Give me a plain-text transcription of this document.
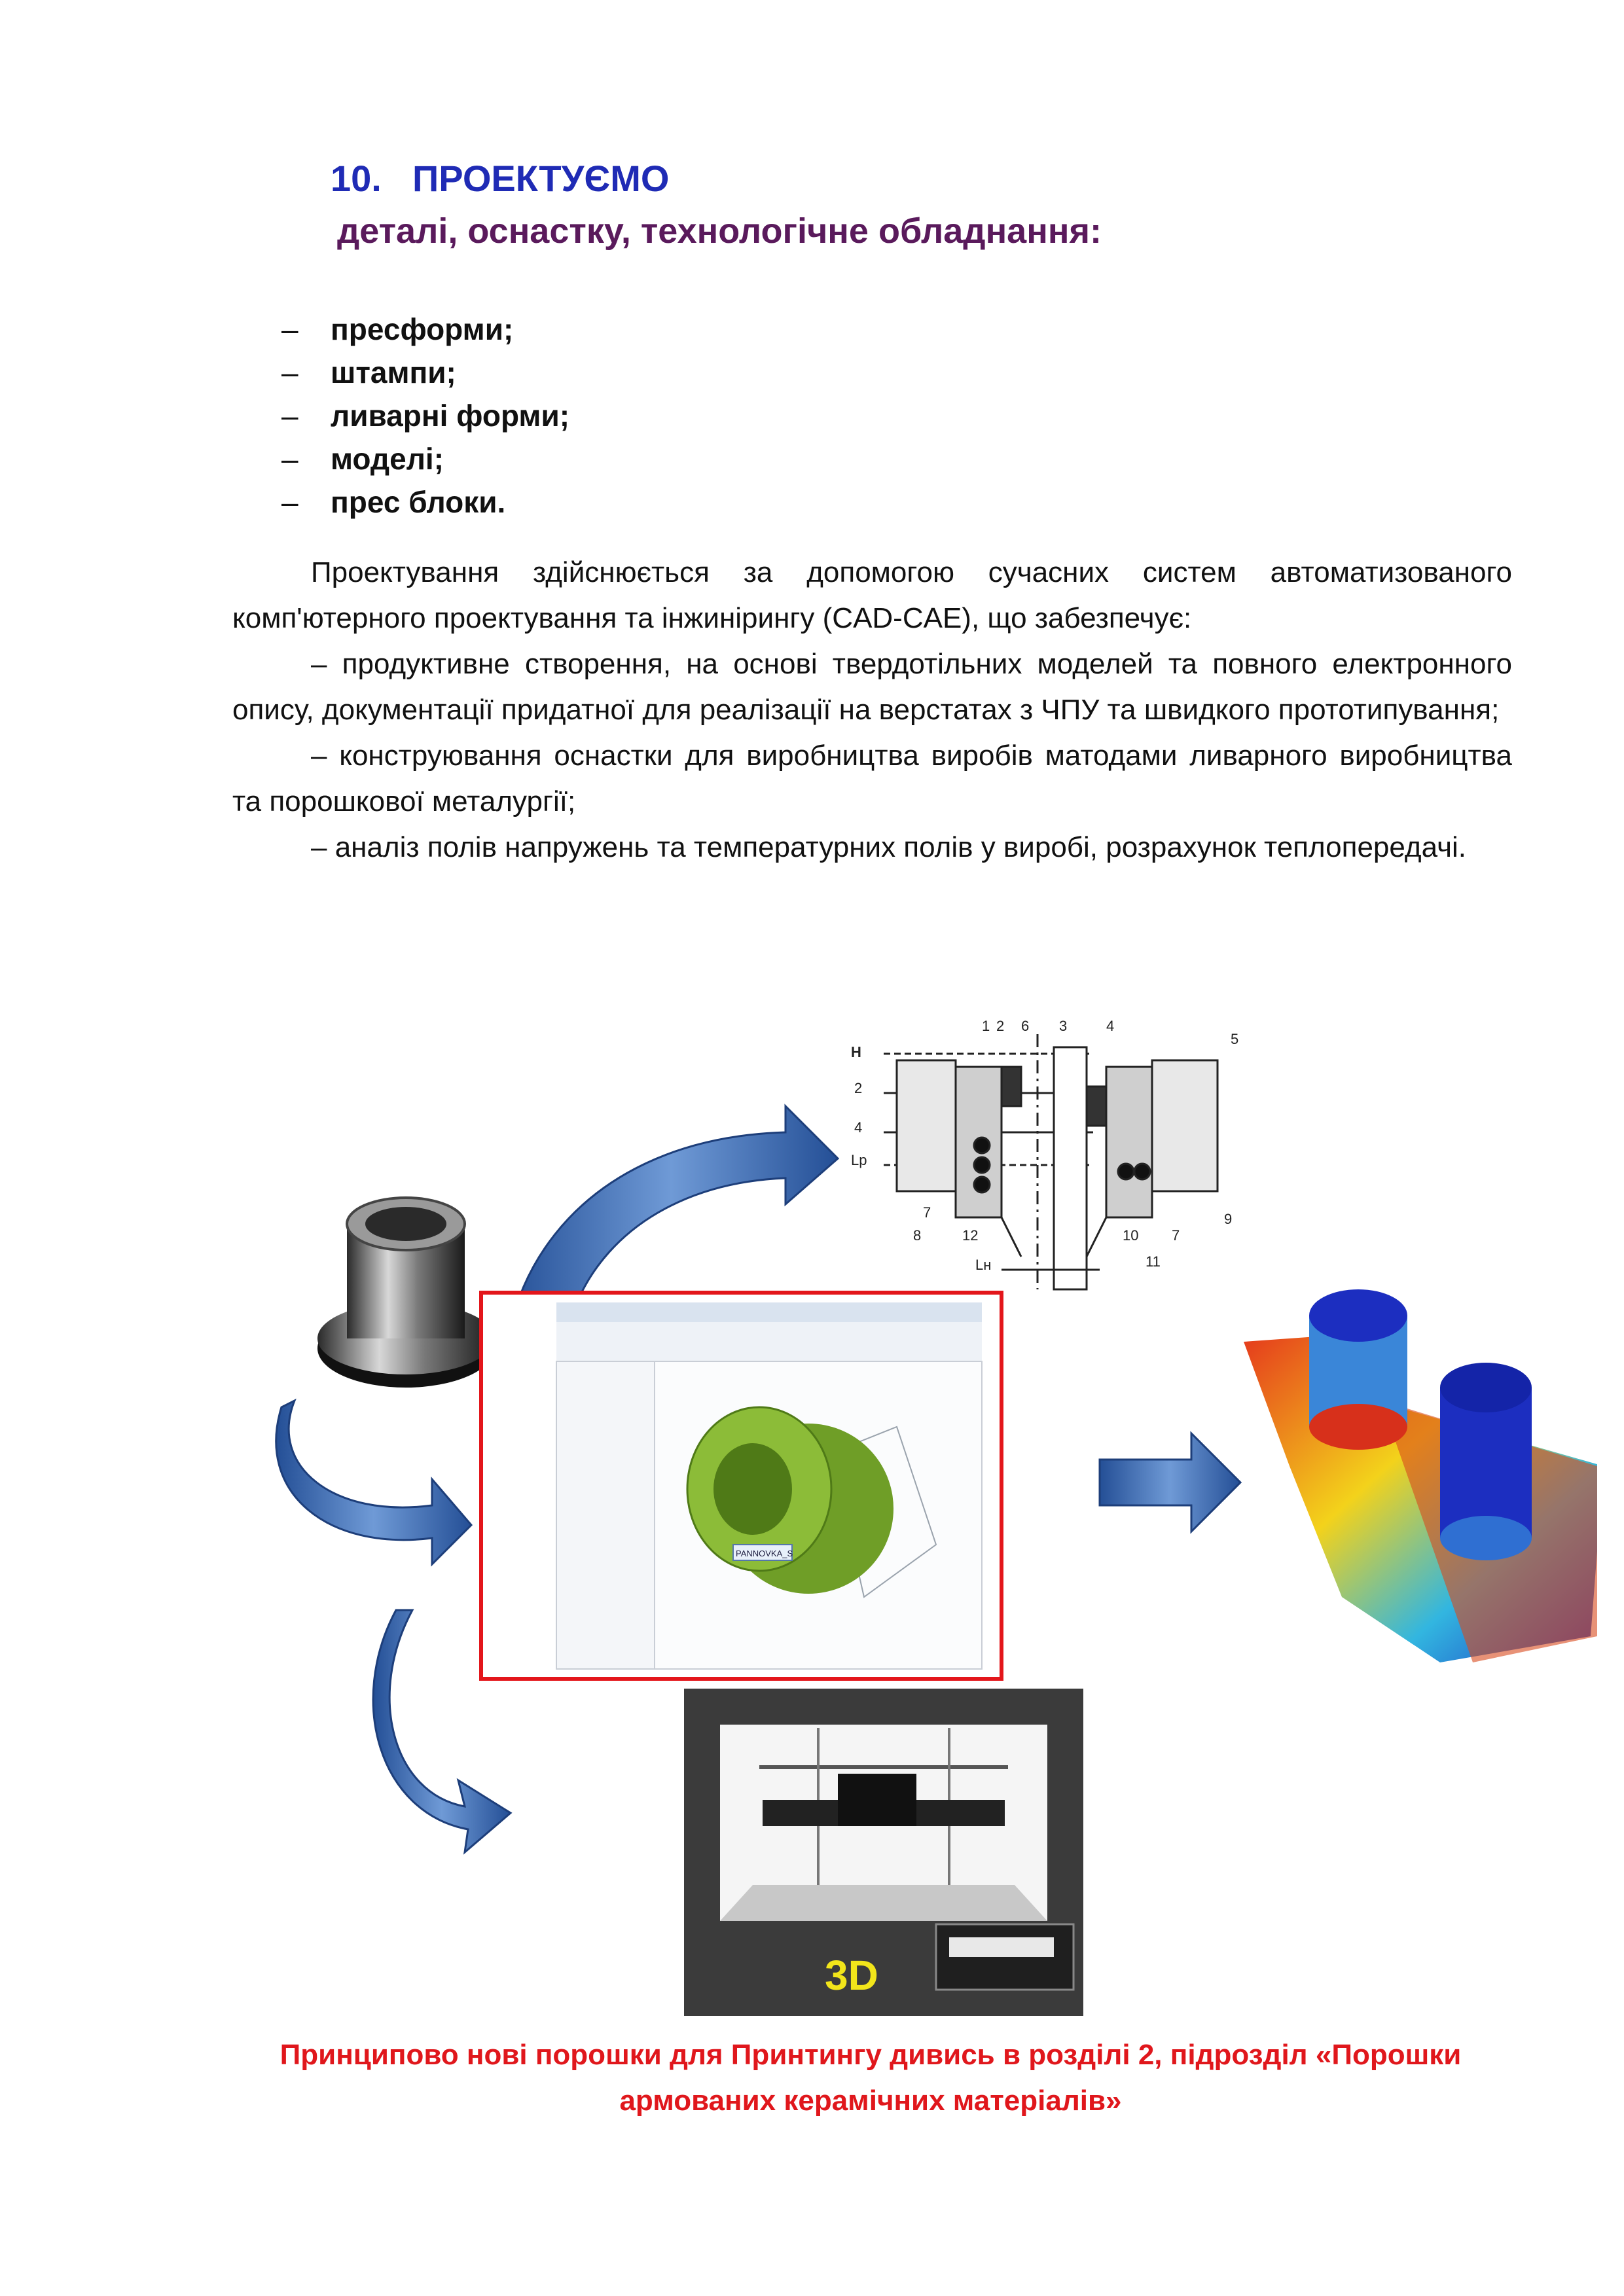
10. ПРОЕКТУЄМО
деталі, оснастку, технологічне обладнання:
– пресформи;
– штампи;
– ливарні форми;
– моделі;
– прес блоки.

Проектування здійснюється за допомогою сучасних систем автоматизованого комп'ютерного проектування та інжинірингу (CAD-CAE), що забезпечує:

– продуктивне створення, на основі твердотільних моделей та повного електронного опису, документації придатної для реалізації на верстатах з ЧПУ та швидкого прототипування;

– конструювання оснастки для виробництва виробів матодами ливарного виробництва та порошкової металургії;

– аналіз полів напружень та температурних полів у виробі, розрахунок теплопередачі.

1 2 6 3	4
5
H
2
4
Lр
7
8	12
Lн
10 7
9
11
PANNOVKA_S
3D
Принципово нові порошки для Принтингу дивись в розділі 2, підрозділ «Порошки
армованих керамічних матеріалів»
